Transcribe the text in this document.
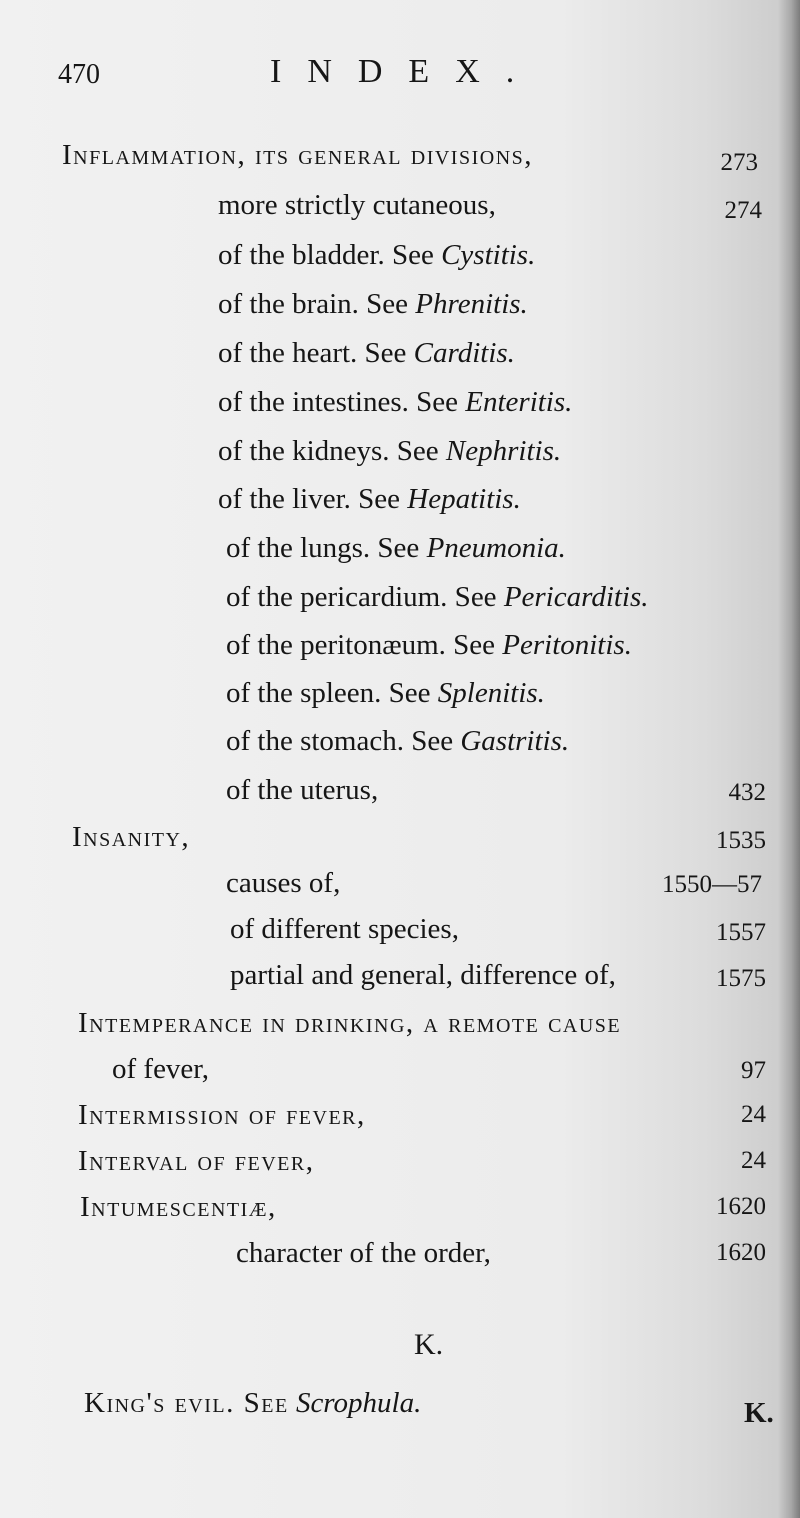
470	INDEX.
Inflammation, its general divisions,	273
more strictly cutaneous,	274
of the bladder. See Cystitis.
of the brain. See Phrenitis.
of the heart. See Carditis.
of the intestines. See Enteritis.
of the kidneys. See Nephritis.
of the liver. See Hepatitis.
of the lungs. See Pneumonia.
of the pericardium. See Pericarditis.
of the peritonæum. See Peritonitis.
of the spleen. See Splenitis.
of the stomach. See Gastritis.
of the uterus,	432
Insanity,	1535
causes of,	1550—57
of different species,	1557
partial and general, difference of,	1575
Intemperance in drinking, a remote cause
of fever,	97
Intermission of fever,	24
Interval of fever,	24
Intumescentiæ,	1620
character of the order,	1620
K.
King's evil. See Scrophula.	K.
